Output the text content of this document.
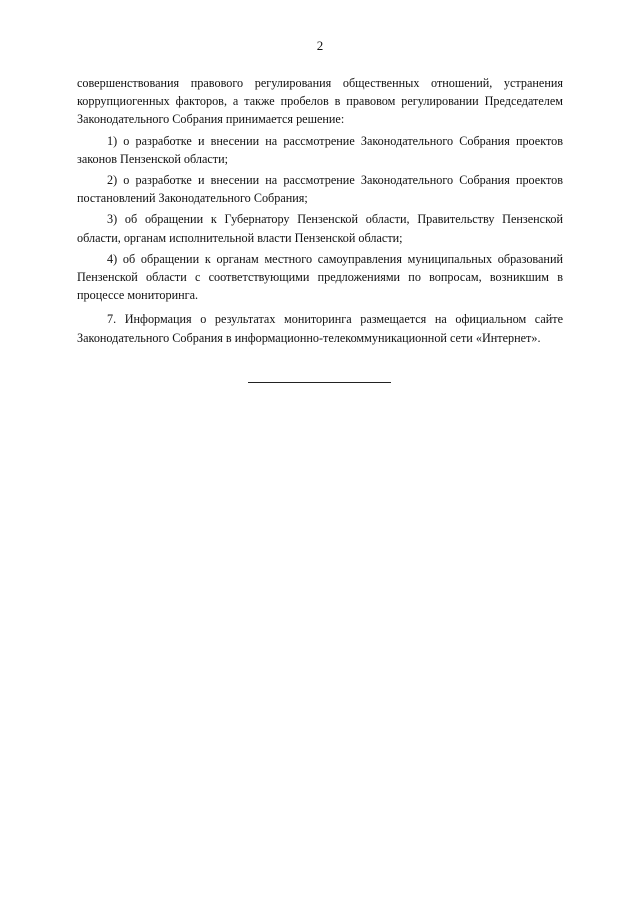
2

совершенствования правового регулирования общественных отношений, устранения коррупциогенных факторов, а также пробелов в правовом регулировании Председателем Законодательного Собрания принимается решение:

1) о разработке и внесении на рассмотрение Законодательного Собрания проектов законов Пензенской области;

2) о разработке и внесении на рассмотрение Законодательного Собрания проектов постановлений Законодательного Собрания;

3) об обращении к Губернатору Пензенской области, Правительству Пензенской области, органам исполнительной власти Пензенской области;

4) об обращении к органам местного самоуправления муниципальных образований Пензенской области с соответствующими предложениями по вопросам, возникшим в процессе мониторинга.

7. Информация о результатах мониторинга размещается на официальном сайте Законодательного Собрания в информационно-телекоммуникационной сети «Интернет».
